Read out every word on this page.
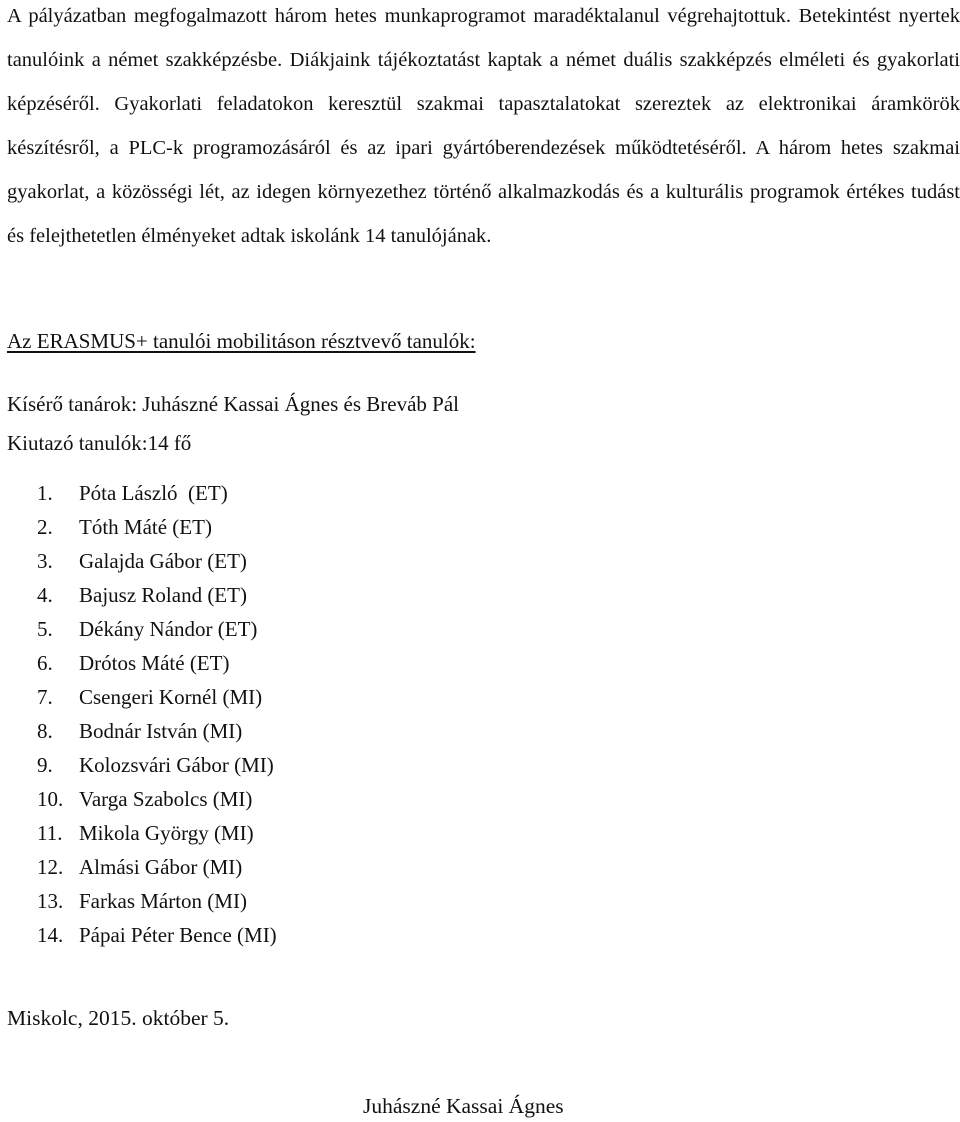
A pályázatban megfogalmazott három hetes munkaprogramot maradéktalanul végrehajtottuk. Betekintést nyertek tanulóink a német szakképzésbe. Diákjaink tájékoztatást kaptak a német duális szakképzés elméleti és gyakorlati képzéséről. Gyakorlati feladatokon keresztül szakmai tapasztalatokat szereztek az elektronikai áramkörök készítésről, a PLC-k programozásáról és az ipari gyártóberendezések működtetéséről. A három hetes szakmai gyakorlat, a közösségi lét, az idegen környezethez történő alkalmazkodás és a kulturális programok értékes tudást és felejthetetlen élményeket adtak iskolánk 14 tanulójának.

Az ERASMUS+ tanulói mobilitáson résztvevő tanulók:

Kísérő tanárok: Juhászné Kassai Ágnes és Breváb Pál

Kiutazó tanulók:14 fő

1.	Póta László  (ET)
2.	Tóth Máté (ET)
3.	Galajda Gábor (ET)
4.	Bajusz Roland (ET)
5.	Dékány Nándor (ET)
6.	Drótos Máté (ET)
7.	Csengeri Kornél (MI)
8.	Bodnár István (MI)
9.	Kolozsvári Gábor (MI)
10. Varga Szabolcs (MI)
11. Mikola György (MI)
12. Almási Gábor (MI)
13. Farkas Márton (MI)
14. Pápai Péter Bence (MI)

Miskolc, 2015. október 5.

Juhászné Kassai Ágnes
